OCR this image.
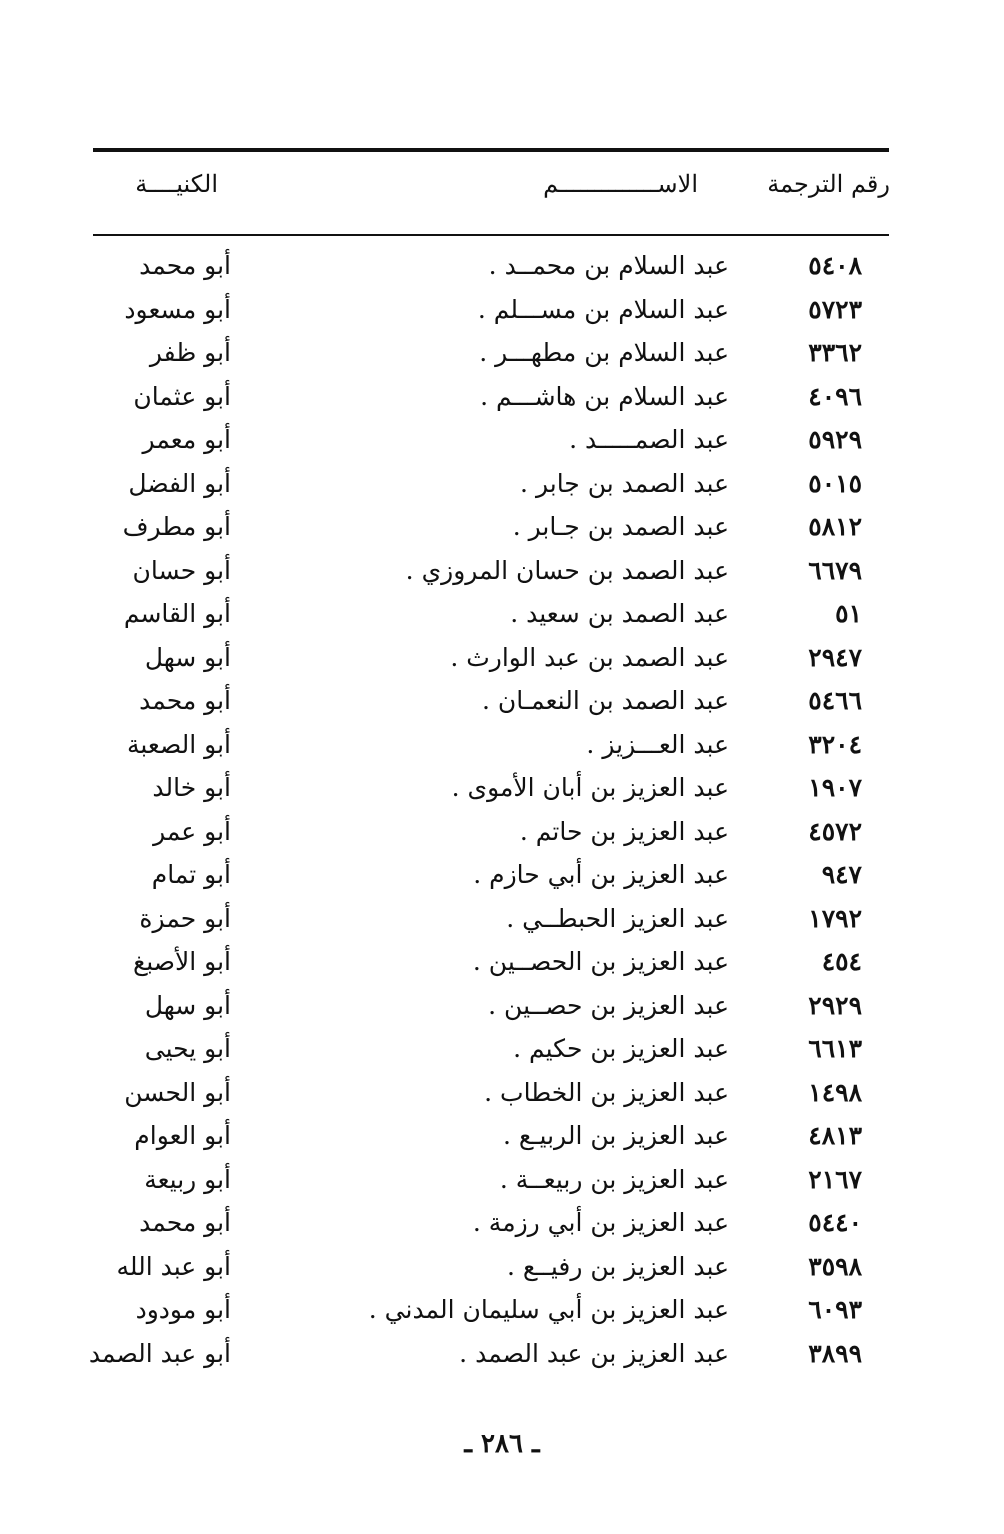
رقم الترجمة
الاســــــــــــــم
الكنيــــة
٥٤٠٨
عبد السلام بن محمــد .
أبو محمد
٥٧٢٣
عبد السلام بن مســـلم .
أبو مسعود
٣٣٦٢
عبد السلام بن مطهـــر .
أبو ظفر
٤٠٩٦
عبد السلام بن هاشـــم .
أبو عثمان
٥٩٢٩
عبد الصمـــــد .
أبو معمر
٥٠١٥
عبد الصمد بن جابر .
أبو الفضل
٥٨١٢
عبد الصمد بن جـابر .
أبو مطرف
٦٦٧٩
عبد الصمد بن حسان المروزي .
أبو حسان
٥١
عبد الصمد بن سعيد .
أبو القاسم
٢٩٤٧
عبد الصمد بن عبد الوارث .
أبو سهل
٥٤٦٦
عبد الصمد بن النعمـان .
أبو محمد
٣٢٠٤
عبد العـــزيز .
أبو الصعبة
١٩٠٧
عبد العزيز بن أبان الأموى .
أبو خالد
٤٥٧٢
عبد العزيز بن حاتم .
أبو عمر
٩٤٧
عبد العزيز بن أبي حازم .
أبو تمام
١٧٩٢
عبد العزيز الحبطــي .
أبو حمزة
٤٥٤
عبد العزيز بن الحصــين .
أبو الأصبغ
٢٩٢٩
عبد العزيز بن حصــين .
أبو سهل
٦٦١٣
عبد العزيز بن حكيم .
أبو يحيى
١٤٩٨
عبد العزيز بن الخطاب .
أبو الحسن
٤٨١٣
عبد العزيز بن الربيـع .
أبو العوام
٢١٦٧
عبد العزيز بن ربيعــة .
أبو ربيعة
٥٤٤٠
عبد العزيز بن أبي رزمة .
أبو محمد
٣٥٩٨
عبد العزيز بن رفيــع .
أبو عبد الله
٦٠٩٣
عبد العزيز بن أبي سليمان المدني .
أبو مودود
٣٨٩٩
عبد العزيز بن عبد الصمد .
أبو عبد الصمد
ـ ٢٨٦ ـ
